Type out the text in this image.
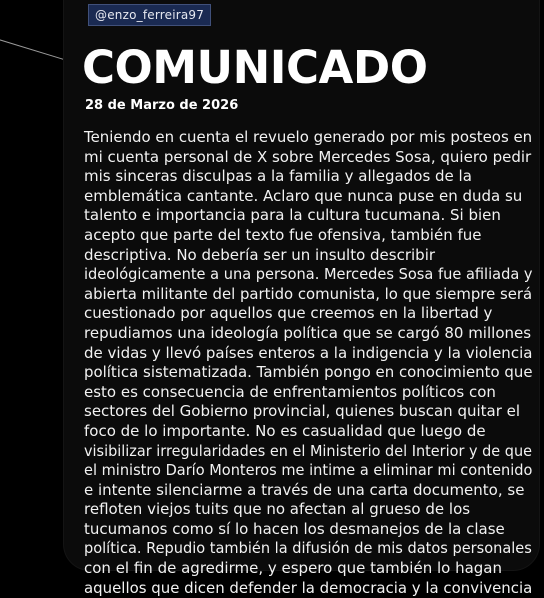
@enzo_ferreira97
COMUNICADO
28 de Marzo de 2026
Teniendo en cuenta el revuelo generado por mis posteos en
mi cuenta personal de X sobre Mercedes Sosa, quiero pedir
mis sinceras disculpas a la familia y allegados de la
emblemática cantante. Aclaro que nunca puse en duda su
talento e importancia para la cultura tucumana. Si bien
acepto que parte del texto fue ofensiva, también fue
descriptiva. No debería ser un insulto describir
ideológicamente a una persona. Mercedes Sosa fue afiliada y
abierta militante del partido comunista, lo que siempre será
cuestionado por aquellos que creemos en la libertad y
repudiamos una ideología política que se cargó 80 millones
de vidas y llevó países enteros a la indigencia y la violencia
política sistematizada. También pongo en conocimiento que
esto es consecuencia de enfrentamientos políticos con
sectores del Gobierno provincial, quienes buscan quitar el
foco de lo importante. No es casualidad que luego de
visibilizar irregularidades en el Ministerio del Interior y de que
el ministro Darío Monteros me intime a eliminar mi contenido
e intente silenciarme a través de una carta documento, se
refloten viejos tuits que no afectan al grueso de los
tucumanos como sí lo hacen los desmanejos de la clase
política. Repudio también la difusión de mis datos personales
con el fin de agredirme, y espero que también lo hagan
aquellos que dicen defender la democracia y la convivencia
